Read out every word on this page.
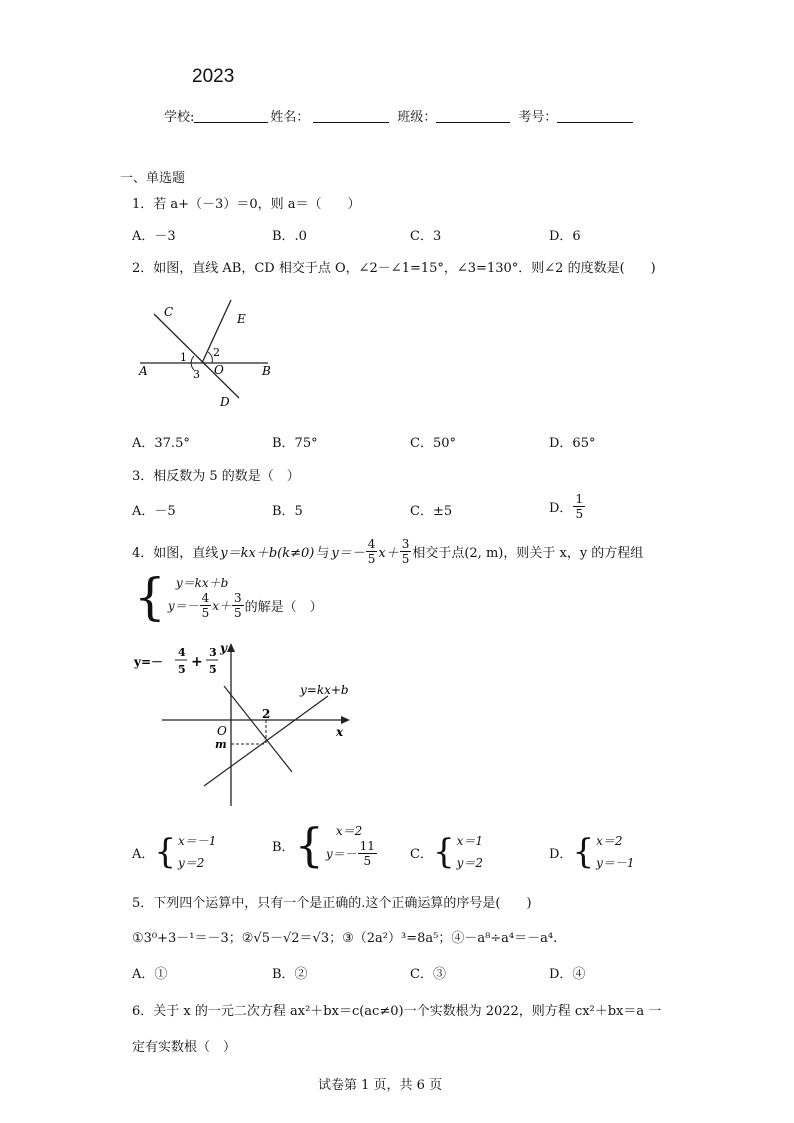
2023
学校:	姓名：	班级：	考号：
一、单选题
1．若 a+（－3）＝0，则 a＝（　　）
A．－3	B．.0	C．3	D．6
2．如图，直线 AB，CD 相交于点 O，∠2－∠1=15°，∠3=130°．则∠2 的度数是(　　)
C	E
A	B
O
D
1 2
3
A．37.5°	B．75°	C．50°	D．65°
3．相反数为 5 的数是（　）
A．－5	B．5	C．±5	D． $\frac{1}{5}$
4．如图，直线 y＝kx＋b(k≠0) 与 $y=- \frac{4}{5} x+ \frac{3}{5}$ 相交于点(2, m)，则关于 x，y 的方程组
{ y＝kx＋b
$y=- \frac{4}{5} x+ \frac{3}{5}$ 的解是（　）
y=－
4
5 +
3
5
y
x
O
2
m
y=kx+b
A． { x＝－1
y＝2
B． { x＝2
$y=- \frac{11}{5}$	C． { x＝1
y＝2
D． { x＝2
y＝－1
5．下列四个运算中，只有一个是正确的.这个正确运算的序号是(　　)
①3⁰+3－¹＝－3；②√5－√2＝√3；③（2a²）³=8a⁵；④－a⁸÷a⁴＝－a⁴.
A．①	B．②	C．③	D．④
6．关于 x 的一元二次方程 ax²＋bx＝c(ac≠0)一个实数根为 2022，则方程 cx²＋bx＝a 一
定有实数根（　）
试卷第 1 页，共 6 页
